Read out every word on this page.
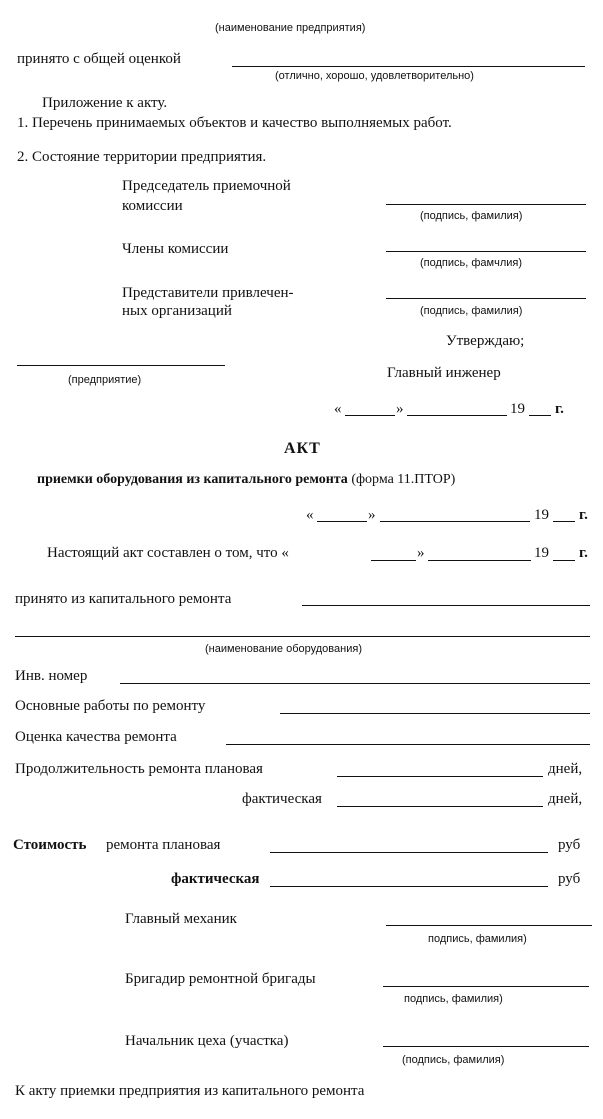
(наименование предприятия)
принято с общей оценкой
(отлично, хорошо, удовлетворительно)
Приложение к акту.
1. Перечень принимаемых объектов и качество выполняемых работ.
2. Состояние территории предприятия.
Председатель приемочной
комиссии
(подпись, фамилия)
Члены комиссии
(подпись, фамчлия)
Представители привлечен-
ных организаций	(подпись, фамилия)
Утверждаю;
(предприятие)	Главный инженер
«	»	19 г.
АКТ
приемки оборудования из капитального ремонта (форма 11.ПТОР)
«	»	19 г.
Настоящий акт составлен о том, что «	»	19 г.
принято из капитального ремонта
(наименование оборудования)
Инв. номер
Основные работы по ремонту
Оценка качества ремонта
Продолжительность ремонта плановая	дней,
фактическая	дней,
Стоимость ремонта плановая	руб
фактическая	руб
Главный механик
подпись, фамилия)
Бригадир ремонтной бригады
подпись, фамилия)
Начальник цеха (участка)
(подпись, фамилия)
К акту приемки предприятия из капитального ремонта
